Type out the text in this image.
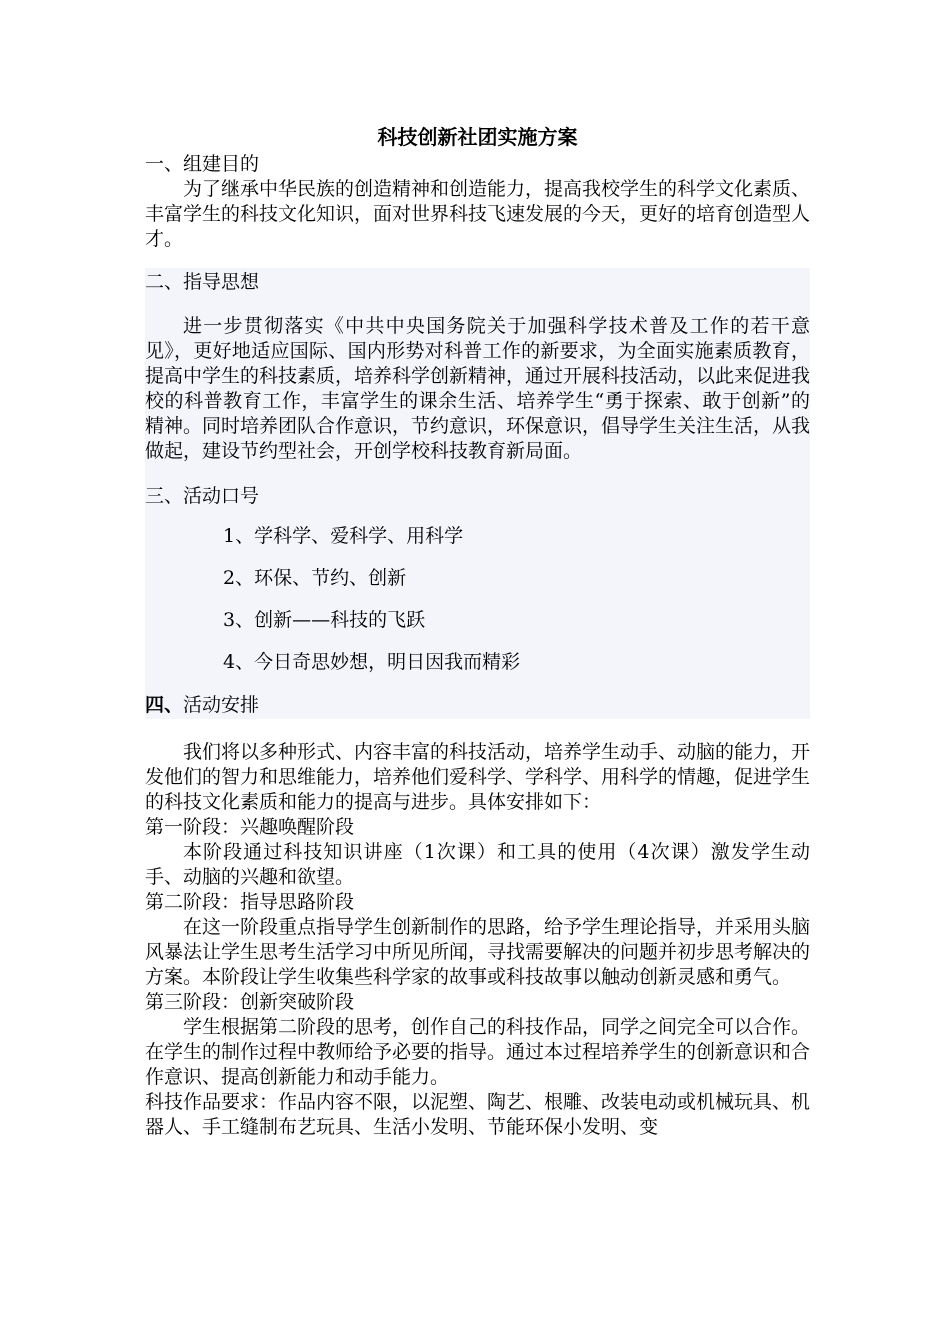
科技创新社团实施方案
一、组建目的

为了继承中华民族的创造精神和创造能力，提高我校学生的科学文化素质、丰富学生的科技文化知识，面对世界科技飞速发展的今天，更好的培育创造型人才。

二、指导思想

进一步贯彻落实《中共中央国务院关于加强科学技术普及工作的若干意见》，更好地适应国际、国内形势对科普工作的新要求，为全面实施素质教育，提高中学生的科技素质，培养科学创新精神，通过开展科技活动，以此来促进我校的科普教育工作，丰富学生的课余生活、培养学生“勇于探索、敢于创新”的精神。同时培养团队合作意识，节约意识，环保意识，倡导学生关注生活，从我做起，建设节约型社会，开创学校科技教育新局面。

三、活动口号
1、学科学、爱科学、用科学
2、环保、节约、创新
3、创新——科技的飞跃
4、今日奇思妙想，明日因我而精彩
四、活动安排

我们将以多种形式、内容丰富的科技活动，培养学生动手、动脑的能力，开发他们的智力和思维能力，培养他们爱科学、学科学、用科学的情趣，促进学生的科技文化素质和能力的提高与进步。具体安排如下：

第一阶段：兴趣唤醒阶段

本阶段通过科技知识讲座（1次课）和工具的使用（4次课）激发学生动手、动脑的兴趣和欲望。

第二阶段：指导思路阶段

在这一阶段重点指导学生创新制作的思路，给予学生理论指导，并采用头脑风暴法让学生思考生活学习中所见所闻，寻找需要解决的问题并初步思考解决的方案。本阶段让学生收集些科学家的故事或科技故事以触动创新灵感和勇气。

第三阶段：创新突破阶段

学生根据第二阶段的思考，创作自己的科技作品，同学之间完全可以合作。在学生的制作过程中教师给予必要的指导。通过本过程培养学生的创新意识和合作意识、提高创新能力和动手能力。

科技作品要求：作品内容不限，以泥塑、陶艺、根雕、改装电动或机械玩具、机器人、手工缝制布艺玩具、生活小发明、节能环保小发明、变
